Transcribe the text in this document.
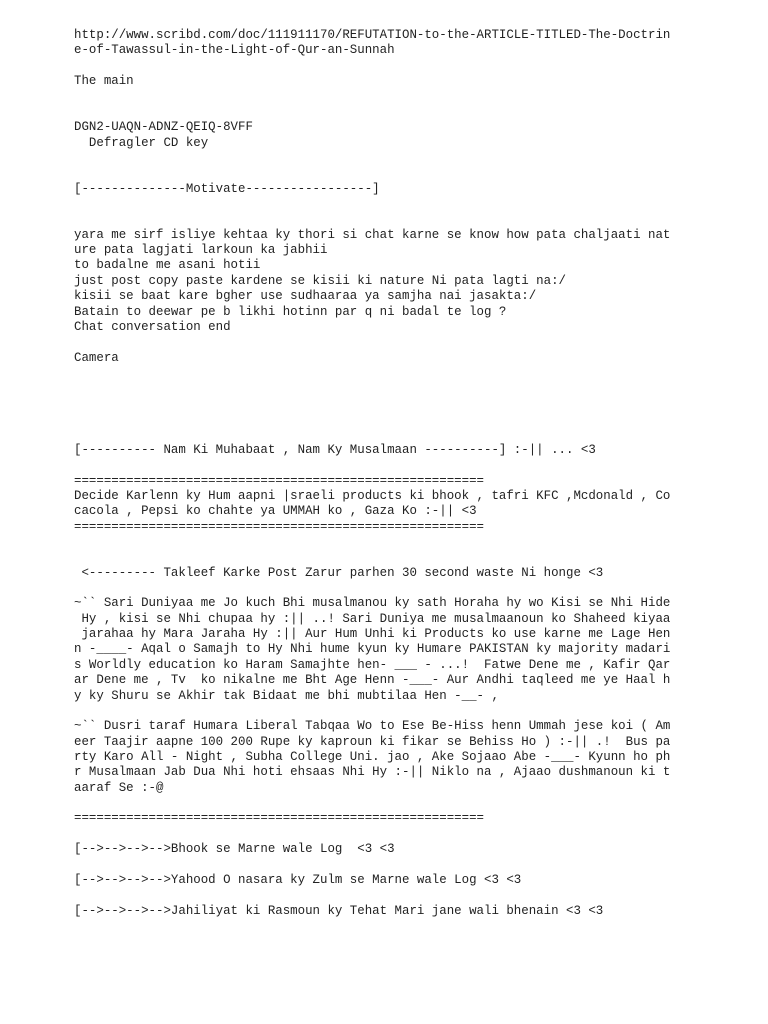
http://www.scribd.com/doc/111911170/REFUTATION-to-the-ARTICLE-TITLED-The-Doctrin
e-of-Tawassul-in-the-Light-of-Qur-an-Sunnah
The main
DGN2-UAQN-ADNZ-QEIQ-8VFF
Defragler CD key
[--------------Motivate-----------------]
yara me sirf isliye kehtaa ky thori si chat karne se know how pata chaljaati nat
ure pata lagjati larkoun ka jabhii
to badalne me asani hotii
just post copy paste kardene se kisii ki nature Ni pata lagti na:/
kisii se baat kare bgher use sudhaaraa ya samjha nai jasakta:/
Batain to deewar pe b likhi hotinn par q ni badal te log ?
Chat conversation end
Camera
[---------- Nam Ki Muhabaat , Nam Ky Musalmaan ----------] :-|| ... <3
=======================================================
Decide Karlenn ky Hum aapni |sraeli products ki bhook , tafri KFC ,Mcdonald , Co
cacola , Pepsi ko chahte ya UMMAH ko , Gaza Ko :-|| <3
=======================================================
<--------- Takleef Karke Post Zarur parhen 30 second waste Ni honge <3
~`` Sari Duniyaa me Jo kuch Bhi musalmanou ky sath Horaha hy wo Kisi se Nhi Hide
Hy , kisi se Nhi chupaa hy :|| ..! Sari Duniya me musalmaanoun ko Shaheed kiyaa
jarahaa hy Mara Jaraha Hy :|| Aur Hum Unhi ki Products ko use karne me Lage Hen
n -____- Aqal o Samajh to Hy Nhi hume kyun ky Humare PAKISTAN ky majority madari
s Worldly education ko Haram Samajhte hen- ___ - ...!  Fatwe Dene me , Kafir Qar
ar Dene me , Tv  ko nikalne me Bht Age Henn -___- Aur Andhi taqleed me ye Haal h
y ky Shuru se Akhir tak Bidaat me bhi mubtilaa Hen -__- ,
~`` Dusri taraf Humara Liberal Tabqaa Wo to Ese Be-Hiss henn Ummah jese koi ( Am
eer Taajir aapne 100 200 Rupe ky kaproun ki fikar se Behiss Ho ) :-|| .!  Bus pa
rty Karo All - Night , Subha College Uni. jao , Ake Sojaao Abe -___- Kyunn ho ph
r Musalmaan Jab Dua Nhi hoti ehsaas Nhi Hy :-|| Niklo na , Ajaao dushmanoun ki t
aaraf Se :-@
=======================================================
[-->-->-->-->Bhook se Marne wale Log  <3 <3
[-->-->-->-->Yahood O nasara ky Zulm se Marne wale Log <3 <3
[-->-->-->-->Jahiliyat ki Rasmoun ky Tehat Mari jane wali bhenain <3 <3
